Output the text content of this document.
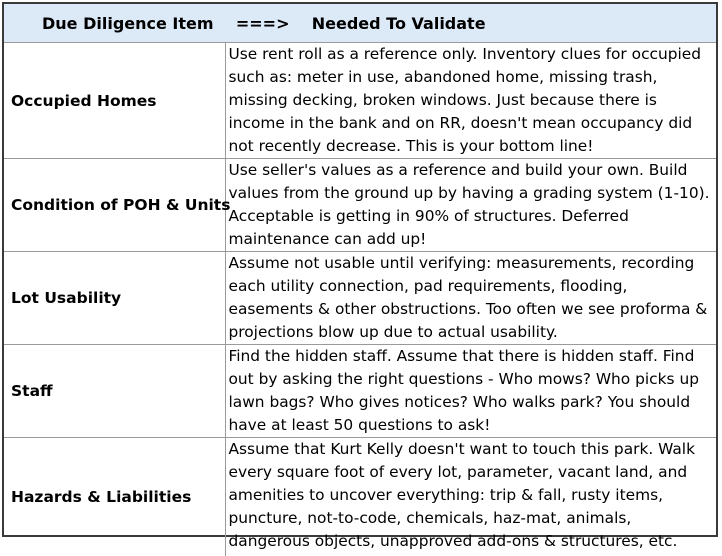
Due Diligence Item ===> Needed To Validate	
Occupied Homes	Use rent roll as a reference only. Inventory clues for occupied such as: meter in use, abandoned home, missing trash, missing decking, broken windows. Just because there is income in the bank and on RR, doesn't mean occupancy did not recently decrease. This is your bottom line!
Condition of POH & Units	Use seller's values as a reference and build your own. Build values from the ground up by having a grading system (1-10). Acceptable is getting in 90% of structures. Deferred maintenance can add up!
Lot Usability	Assume not usable until verifying: measurements, recording each utility connection, pad requirements, flooding, easements & other obstructions. Too often we see proforma & projections blow up due to actual usability.
Staff	Find the hidden staff. Assume that there is hidden staff. Find out by asking the right questions - Who mows? Who picks up lawn bags? Who gives notices? Who walks park? You should have at least 50 questions to ask!
Hazards & Liabilities	Assume that Kurt Kelly doesn't want to touch this park. Walk every square foot of every lot, parameter, vacant land, and amenities to uncover everything: trip & fall, rusty items, puncture, not-to-code, chemicals, haz-mat, animals, dangerous objects, unapproved add-ons & structures, etc.
